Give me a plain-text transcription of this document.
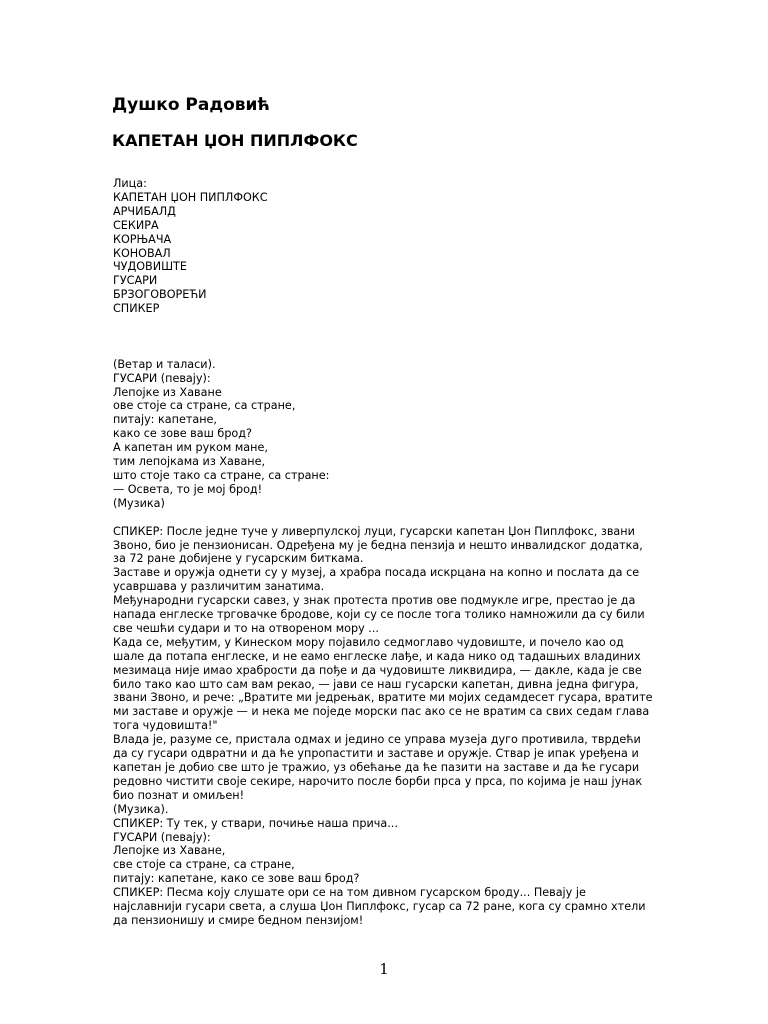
Душко Радовић
КАПЕТАН ЏОН ПИПЛФОКС
Лица:
КАПЕТАН ЏОН ПИПЛФОКС
АРЧИБАЛД
СЕКИРА
КОРЊАЧА
КОНОВАЛ
ЧУДОВИШТЕ
ГУСАРИ
БРЗОГОВОРЕЋИ
СПИКЕР
(Ветар и таласи).
ГУСАРИ (певају):
Лепојке из Хаване
ове стоје са стране, са стране,
питају: капетане,
како се зове ваш брод?
А капетан им руком мане,
тим лепојкама из Хаване,
што стоје тако са стране, са стране:
— Освета, то је мој брод!
(Музика)
СПИКЕР: После једне туче у ливерпулској луци, гусарски капетан Џон Пиплфокс, звани
Звоно, био је пензионисан. Одређена му је бедна пензија и нешто инвалидског додатка,
за 72 ране добијене у гусарским биткама.
Заставе и оружја однети су у музеј, а храбра посада искрцана на копно и послата да се
усавршава у различитим занатима.
Међународни гусарски савез, у знак протеста против ове подмукле игре, престао је да
напада енглеске трговачке бродове, који су се после тога толико намножили да су били
све чешћи судари и то на отвореном мору ...
Када се, међутим, у Кинеском мору појавило седмоглаво чудовиште, и почело као од
шале да потапа енглеске, и не еамо енглеске лађе, и када нико од тадашњих владиних
мезимаца није имао храбрости да пође и да чудовиште ликвидира, — дакле, када је све
било тако као што сам вам рекао, — јави се наш гусарски капетан, дивна једна фигура,
звани Звоно, и рече: „Вратите ми једрењак, вратите ми мојих седамдесет гусара, вратите
ми заставе и оружје — и нека ме поједе морски пас ако се не вратим са свих седам глава
тога чудовишта!"
Влада је, разуме се, пристала одмах и једино се управа музеја дуго противила, тврдећи
да су гусари одвратни и да ће упропастити и заставе и оружје. Ствар је ипак уређена и
капетан је добио све што је тражио, уз обећање да ће пазити на заставе и да ће гусари
редовно чистити своје секире, нарочито после борби прса у прса, по којима је наш јунак
био познат и омиљен!
(Музика).
СПИКЕР: Ту тек, у ствари, почиње наша прича...
ГУСАРИ (певају):
Лепојке из Хаване,
све стоје са стране, са стране,
питају: капетане, како се зове ваш брод?
СПИКЕР: Песма коју слушате ори се на том дивном гусарском броду... Певају је
најславнији гусари света, а слуша Џон Пиплфокс, гусар са 72 ране, кога су срамно хтели
да пензионишу и смире бедном пензијом!
1
